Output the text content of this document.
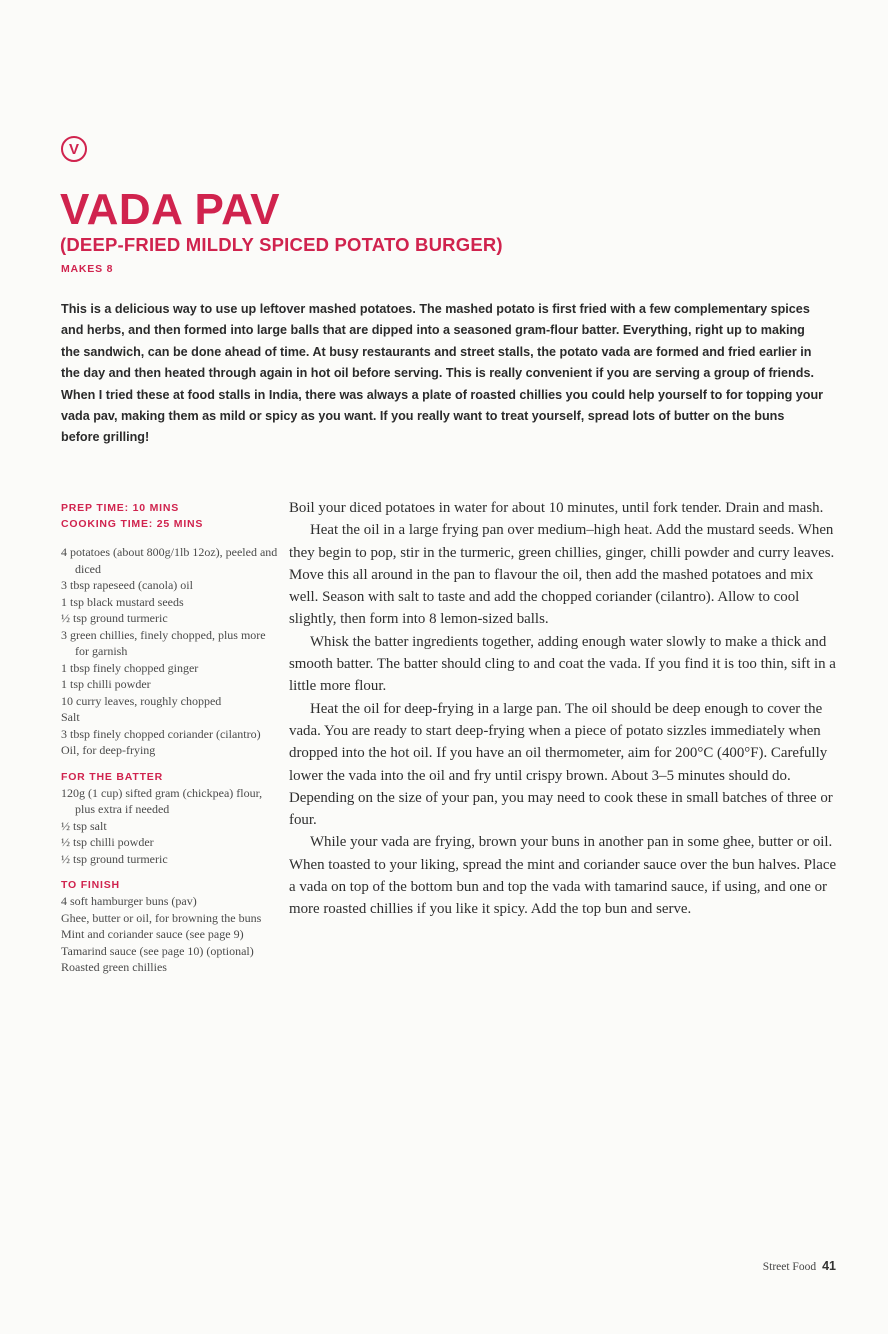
V
VADA PAV
(DEEP-FRIED MILDLY SPICED POTATO BURGER)
MAKES 8

This is a delicious way to use up leftover mashed potatoes. The mashed potato is first fried with a few complementary spices and herbs, and then formed into large balls that are dipped into a seasoned gram-flour batter. Everything, right up to making the sandwich, can be done ahead of time. At busy restaurants and street stalls, the potato vada are formed and fried earlier in the day and then heated through again in hot oil before serving. This is really convenient if you are serving a group of friends. When I tried these at food stalls in India, there was always a plate of roasted chillies you could help yourself to for topping your vada pav, making them as mild or spicy as you want. If you really want to treat yourself, spread lots of butter on the buns before grilling!

PREP TIME: 10 MINS
COOKING TIME: 25 MINS
4 potatoes (about 800g/1lb 12oz), peeled and diced
3 tbsp rapeseed (canola) oil
1 tsp black mustard seeds
½ tsp ground turmeric
3 green chillies, finely chopped, plus more for garnish
1 tbsp finely chopped ginger
1 tsp chilli powder
10 curry leaves, roughly chopped
Salt
3 tbsp finely chopped coriander (cilantro)
Oil, for deep-frying
FOR THE BATTER
120g (1 cup) sifted gram (chickpea) flour, plus extra if needed
½ tsp salt
½ tsp chilli powder
½ tsp ground turmeric
TO FINISH
4 soft hamburger buns (pav)
Ghee, butter or oil, for browning the buns
Mint and coriander sauce (see page 9)
Tamarind sauce (see page 10) (optional)
Roasted green chillies

Boil your diced potatoes in water for about 10 minutes, until fork tender. Drain and mash.

Heat the oil in a large frying pan over medium–high heat. Add the mustard seeds. When they begin to pop, stir in the turmeric, green chillies, ginger, chilli powder and curry leaves. Move this all around in the pan to flavour the oil, then add the mashed potatoes and mix well. Season with salt to taste and add the chopped coriander (cilantro). Allow to cool slightly, then form into 8 lemon-sized balls.

Whisk the batter ingredients together, adding enough water slowly to make a thick and smooth batter. The batter should cling to and coat the vada. If you find it is too thin, sift in a little more flour.

Heat the oil for deep-frying in a large pan. The oil should be deep enough to cover the vada. You are ready to start deep-frying when a piece of potato sizzles immediately when dropped into the hot oil. If you have an oil thermometer, aim for 200°C (400°F). Carefully lower the vada into the oil and fry until crispy brown. About 3–5 minutes should do. Depending on the size of your pan, you may need to cook these in small batches of three or four.

While your vada are frying, brown your buns in another pan in some ghee, butter or oil. When toasted to your liking, spread the mint and coriander sauce over the bun halves. Place a vada on top of the bottom bun and top the vada with tamarind sauce, if using, and one or more roasted chillies if you like it spicy. Add the top bun and serve.

Street Food 41
